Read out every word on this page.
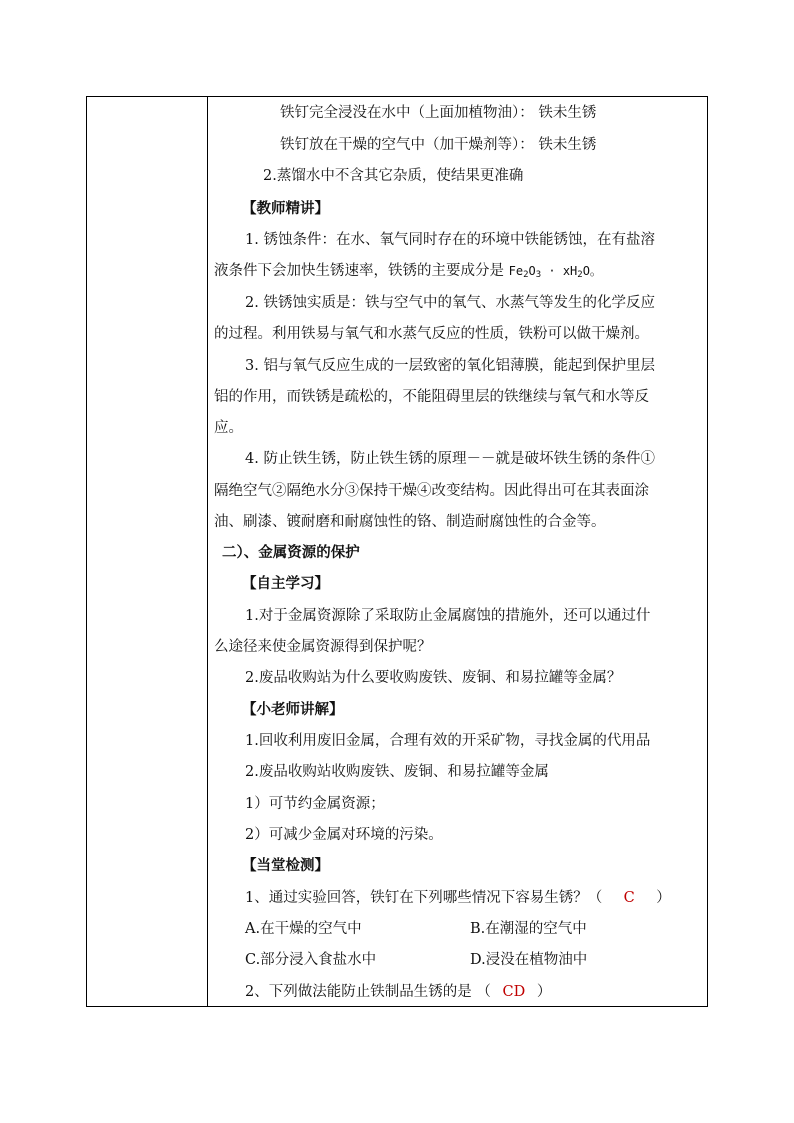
铁钉完全浸没在水中（上面加植物油）： 铁未生锈
铁钉放在干燥的空气中（加干燥剂等）： 铁未生锈
2.蒸馏水中不含其它杂质，使结果更准确
【教师精讲】
1. 锈蚀条件：在水、氧气同时存在的环境中铁能锈蚀，在有盐溶
液条件下会加快生锈速率，铁锈的主要成分是 $Fe_2O_3 \cdot xH_2O$。
2. 铁锈蚀实质是：铁与空气中的氧气、水蒸气等发生的化学反应
的过程。利用铁易与氧气和水蒸气反应的性质，铁粉可以做干燥剂。
3. 铝与氧气反应生成的一层致密的氧化铝薄膜，能起到保护里层
铝的作用，而铁锈是疏松的，不能阻碍里层的铁继续与氧气和水等反
应。
4. 防止铁生锈，防止铁生锈的原理－－就是破坏铁生锈的条件①
隔绝空气②隔绝水分③保持干燥④改变结构。因此得出可在其表面涂
油、刷漆、镀耐磨和耐腐蚀性的铬、制造耐腐蚀性的合金等。
二）、金属资源的保护
【自主学习】
1.对于金属资源除了采取防止金属腐蚀的措施外，还可以通过什
么途径来使金属资源得到保护呢？
2.废品收购站为什么要收购废铁、废铜、和易拉罐等金属？
【小老师讲解】
1.回收利用废旧金属，合理有效的开采矿物，寻找金属的代用品
2.废品收购站收购废铁、废铜、和易拉罐等金属
1）可节约金属资源；
2）可减少金属对环境的污染。
【当堂检测】
1、通过实验回答，铁钉在下列哪些情况下容易生锈？（ C ）
A.在干燥的空气中	B.在潮湿的空气中
C.部分浸入食盐水中	D.浸没在植物油中
2、下列做法能防止铁制品生锈的是 （ CD ）
